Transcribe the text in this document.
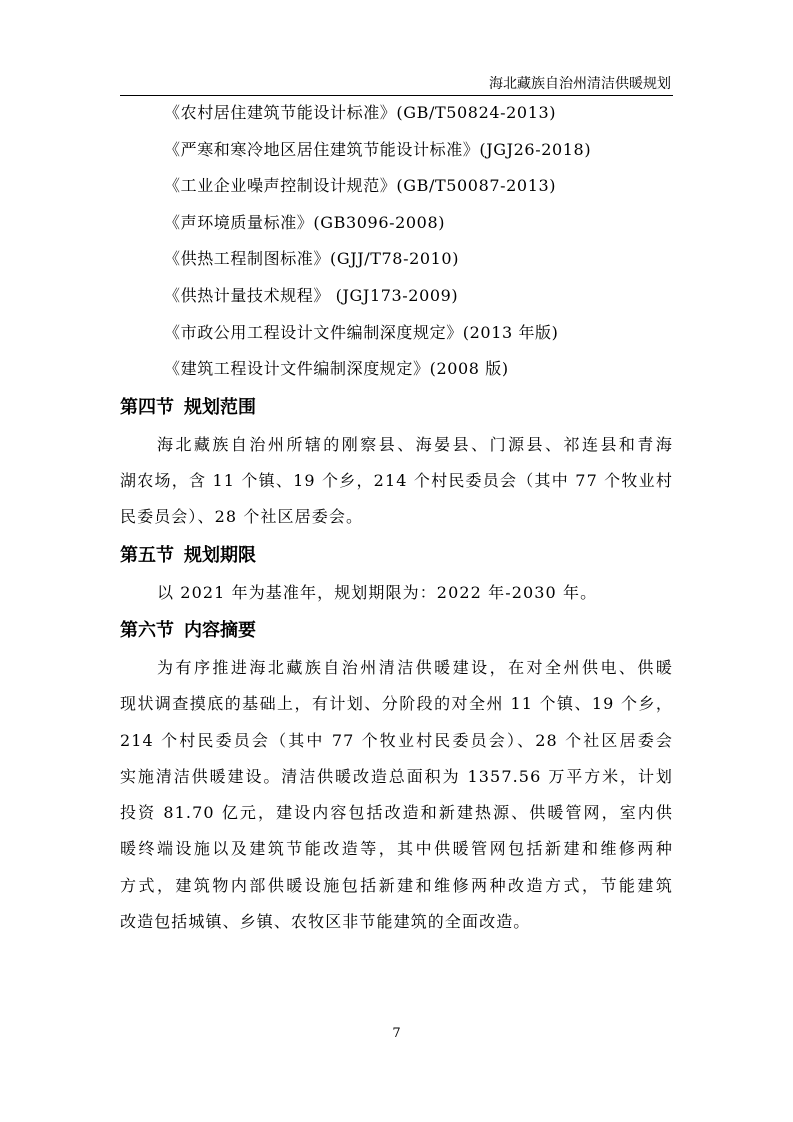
海北藏族自治州清洁供暖规划
《农村居住建筑节能设计标准》(GB/T50824-2013)
《严寒和寒冷地区居住建筑节能设计标准》(JGJ26-2018)
《工业企业噪声控制设计规范》(GB/T50087-2013)
《声环境质量标准》(GB3096-2008)
《供热工程制图标准》(GJJ/T78-2010)
《供热计量技术规程》 (JGJ173-2009)
《市政公用工程设计文件编制深度规定》(2013 年版)
《建筑工程设计文件编制深度规定》(2008 版)
第四节 规划范围

海北藏族自治州所辖的刚察县、海晏县、门源县、祁连县和青海
湖农场，含 11 个镇、19 个乡，214 个村民委员会（其中 77 个牧业村
民委员会）、28 个社区居委会。

第五节 规划期限

以 2021 年为基准年，规划期限为：2022 年-2030 年。

第六节 内容摘要

为有序推进海北藏族自治州清洁供暖建设，在对全州供电、供暖
现状调查摸底的基础上，有计划、分阶段的对全州 11 个镇、19 个乡，
214 个村民委员会（其中 77 个牧业村民委员会）、28 个社区居委会
实施清洁供暖建设。清洁供暖改造总面积为 1357.56 万平方米，计划
投资 81.70 亿元，建设内容包括改造和新建热源、供暖管网，室内供
暖终端设施以及建筑节能改造等，其中供暖管网包括新建和维修两种
方式，建筑物内部供暖设施包括新建和维修两种改造方式，节能建筑
改造包括城镇、乡镇、农牧区非节能建筑的全面改造。

7
